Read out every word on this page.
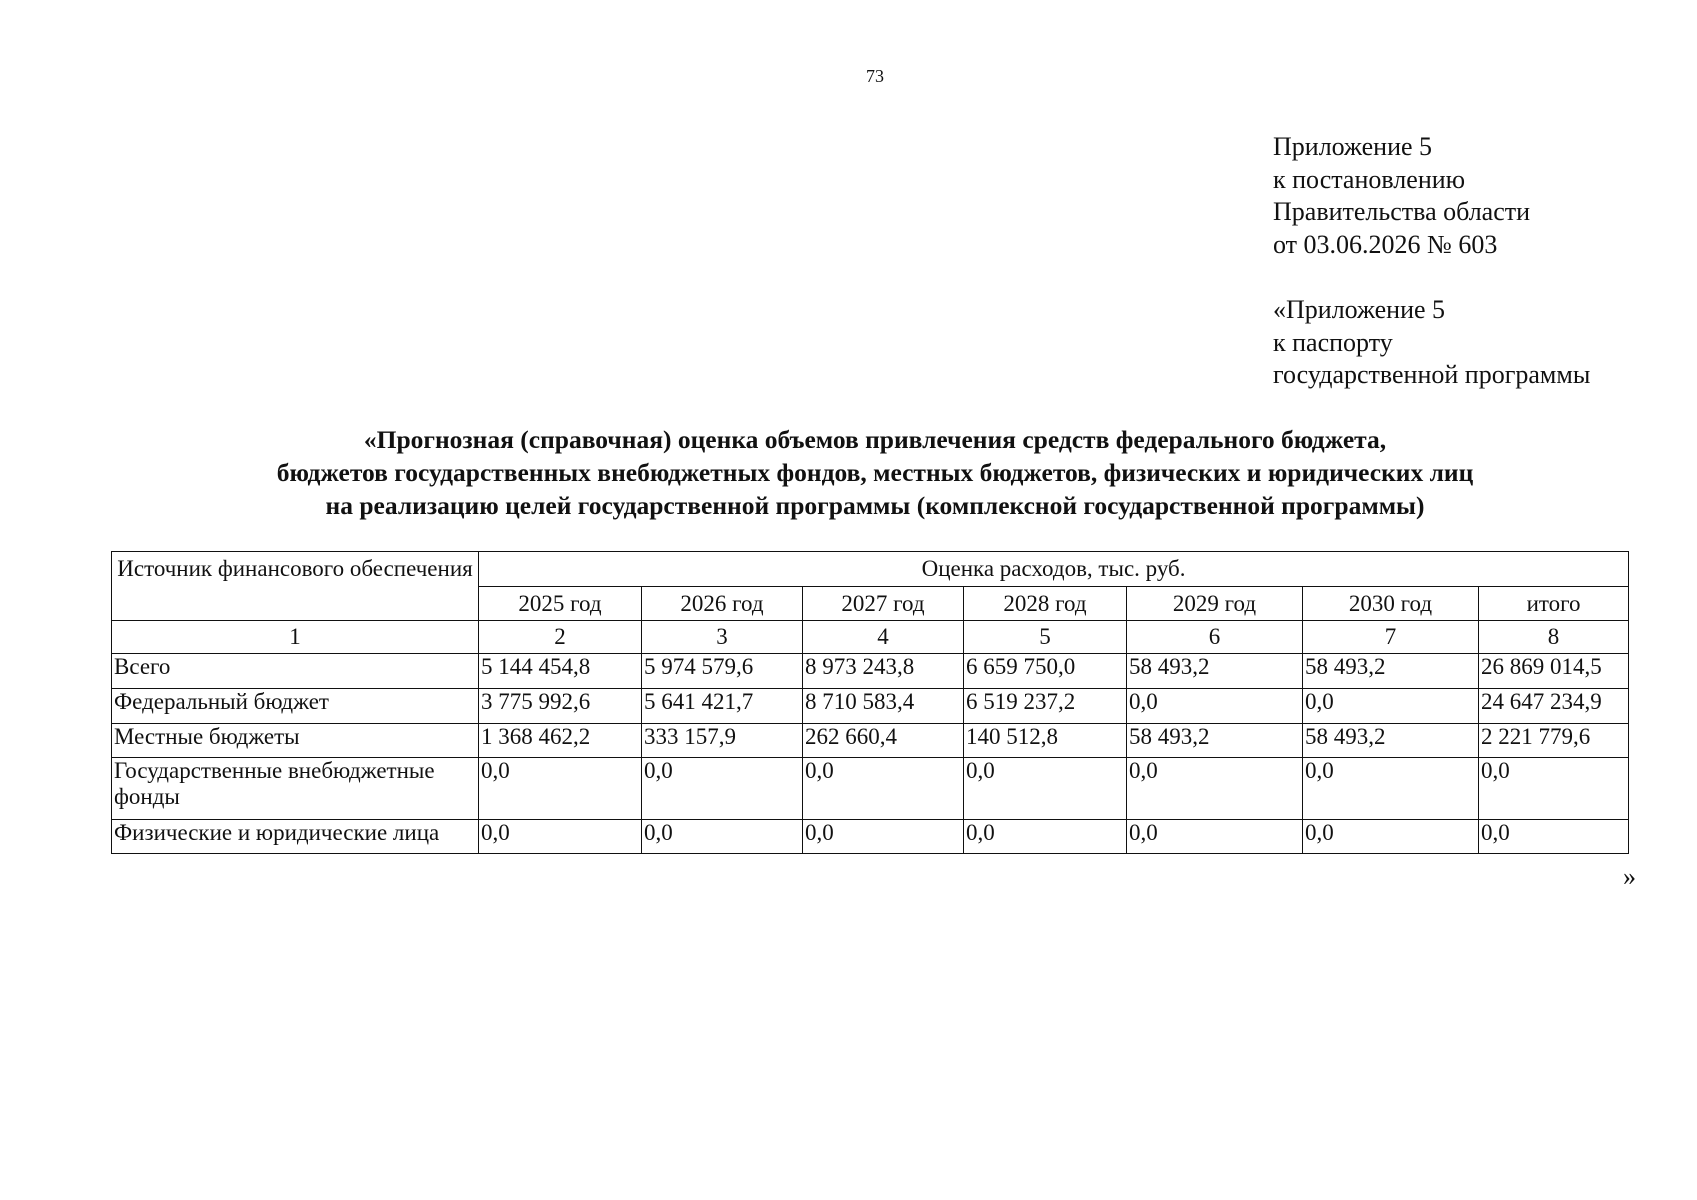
73
Приложение 5
к постановлению
Правительства области
от 03.06.2026 № 603
«Приложение 5
к паспорту
государственной программы
«Прогнозная (справочная) оценка объемов привлечения средств федерального бюджета,
бюджетов государственных внебюджетных фондов, местных бюджетов, физических и юридических лиц
на реализацию целей государственной программы (комплексной государственной программы)
Источник финансового обеспечения	Оценка расходов, тыс. руб.						
	2025 год	2026 год	2027 год	2028 год	2029 год	2030 год	итого
1	2	3	4	5	6	7	8
Всего	5 144 454,8	5 974 579,6	8 973 243,8	6 659 750,0	58 493,2	58 493,2	26 869 014,5
Федеральный бюджет	3 775 992,6	5 641 421,7	8 710 583,4	6 519 237,2	0,0	0,0	24 647 234,9
Местные бюджеты	1 368 462,2	333 157,9	262 660,4	140 512,8	58 493,2	58 493,2	2 221 779,6
Государственные внебюджетные фонды	0,0	0,0	0,0	0,0	0,0	0,0	0,0
Физические и юридические лица	0,0	0,0	0,0	0,0	0,0	0,0	0,0
»
